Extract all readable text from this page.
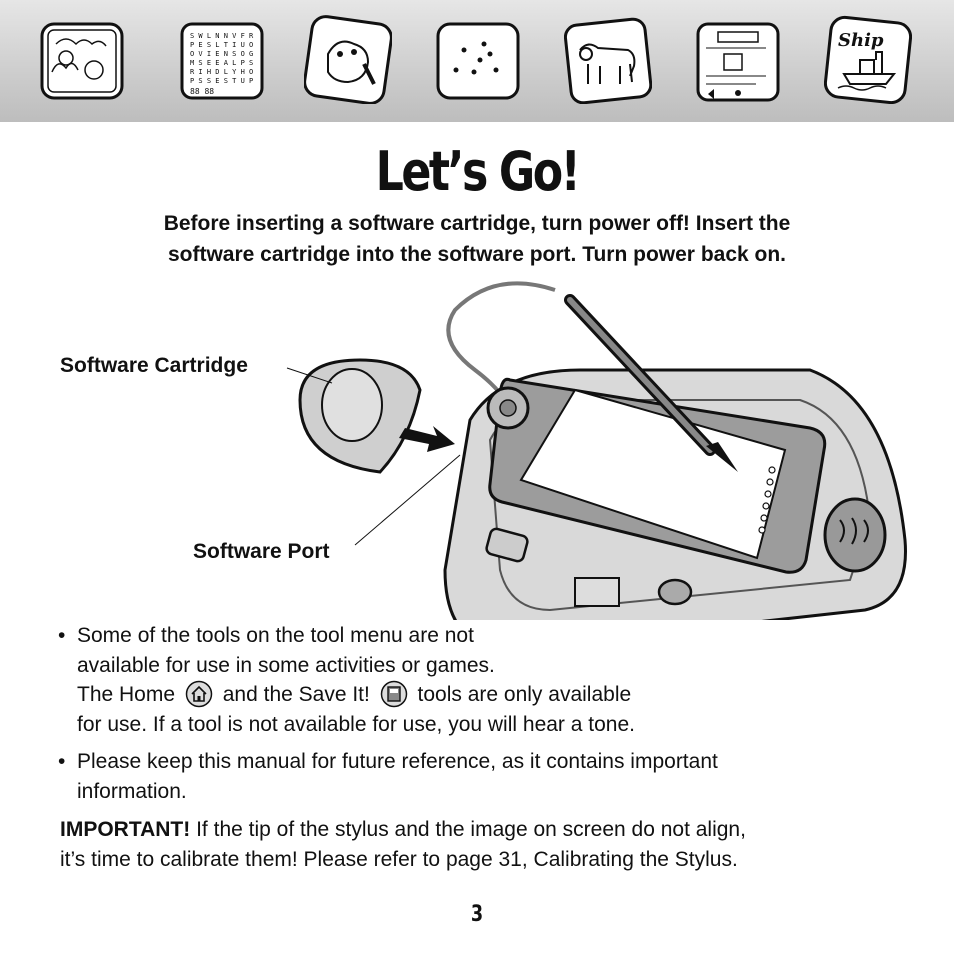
S W L N N V F R
P E S L T I U O
O V I E N S O G
M S E E A L P S
R I H D L Y H O
P S S E S T U P
88 88
Ship
Let’s Go!
Before inserting a software cartridge, turn power off! Insert the
software cartridge into the software port. Turn power back on.
Software Cartridge
Software Port
• Some of the tools on the tool menu are not
available for use in some activities or games.
The Home and the Save It! tools are only available
for use. If a tool is not available for use, you will hear a tone.
• Please keep this manual for future reference, as it contains important
information.
IMPORTANT! If the tip of the stylus and the image on screen do not align,
it’s time to calibrate them! Please refer to page 31, Calibrating the Stylus.
3
